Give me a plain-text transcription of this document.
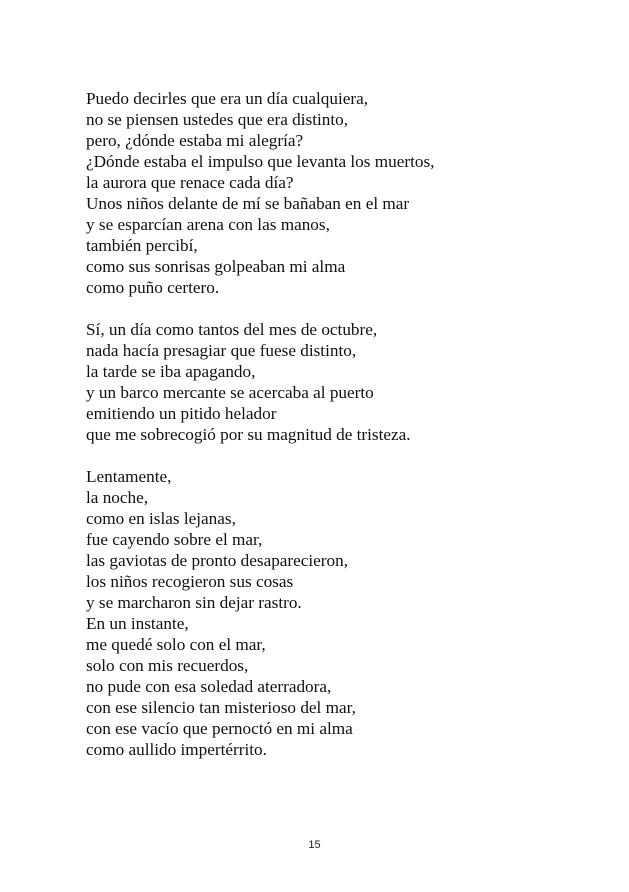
Puedo decirles que era un día cualquiera,
no se piensen ustedes que era distinto,
pero, ¿dónde estaba mi alegría?
¿Dónde estaba el impulso que levanta los muertos,
la aurora que renace cada día?
Unos niños delante de mí se bañaban en el mar
y se esparcían arena con las manos,
también percibí,
como sus sonrisas golpeaban mi alma
como puño certero.
Sí, un día como tantos del mes de octubre,
nada hacía presagiar que fuese distinto,
la tarde se iba apagando,
y un barco mercante se acercaba al puerto
emitiendo un pitido helador
que me sobrecogió por su magnitud de tristeza.
Lentamente,
la noche,
como en islas lejanas,
fue cayendo sobre el mar,
las gaviotas de pronto desaparecieron,
los niños recogieron sus cosas
y se marcharon sin dejar rastro.
En un instante,
me quedé solo con el mar,
solo con mis recuerdos,
no pude con esa soledad aterradora,
con ese silencio tan misterioso del mar,
con ese vacío que pernoctó en mi alma
como aullido impertérrito.
15
